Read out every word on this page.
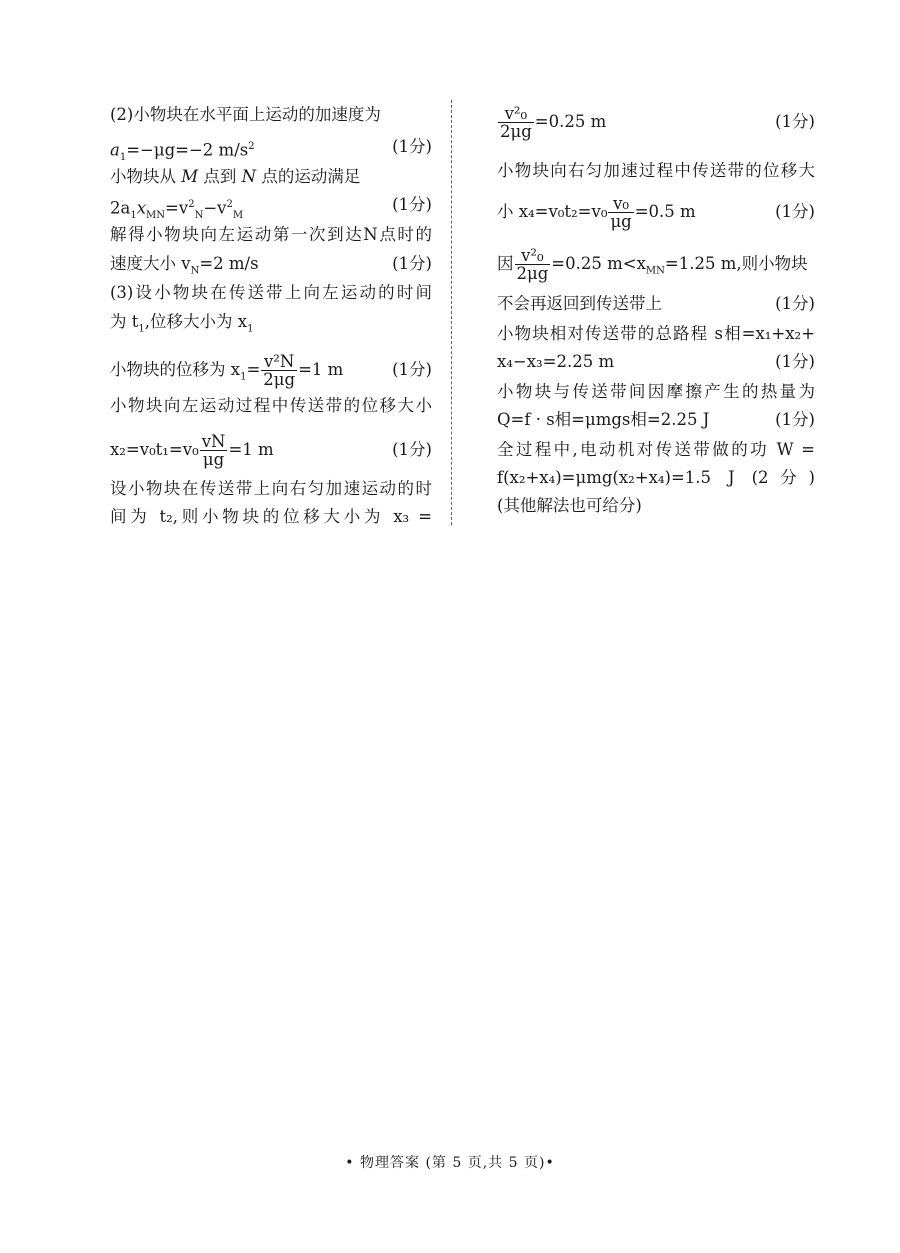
(2)小物块在水平面上运动的加速度为
$a_1=-\mu g=-2$ $m/s^2$	(1分)
小物块从 M 点到 N 点的运动满足
$2a_1x_{MN}=v^2_N-v^2_M$
(1分)
解得小物块向左运动第一次到达N点时的
速度大小 $v_N=2$ m/s	(1分)
(3)设小物块在传送带上向左运动的时间
为 $t_1$,位移大小为 $x_1$
小物块的位移为 $x_1= \frac{\text{v²N}}{2\mu g} =1$ m	(1分)
小物块向左运动过程中传送带的位移大小
$x_2=v_0t_1=v_0 \frac{vN}{\mu g} =1$ m	(1分)
设小物块在传送带上向右匀加速运动的时
间为 t₂,则小物块的位移大小为 x₃ =
$\frac{\text{v²₀}}{2\mu g} =0.25$ m	(1分)
小物块向右匀加速过程中传送带的位移大
小 $x_4=v_0t_2=v_0 \frac{\text{v₀}}{\mu g} =0.5$ m	(1分)
因 $\frac{\text{v²₀}}{2\mu g} =0.25$ $m<x_{MN}=1.25$ m,则小物块
不会再返回到传送带上	(1分)
小物块相对传送带的总路程 s相=x₁+x₂+
x₄−x₃=2.25 m	(1分)
小物块与传送带间因摩擦产生的热量为
Q=f · s相=μmgs相=2.25 J	(1分)
全过程中,电动机对传送带做的功 W =
f(x₂+x₄)=μmg(x₂+x₄)=1.5 J (2分)
(其他解法也可给分)
• 物理答案 (第 5 页,共 5 页)•
